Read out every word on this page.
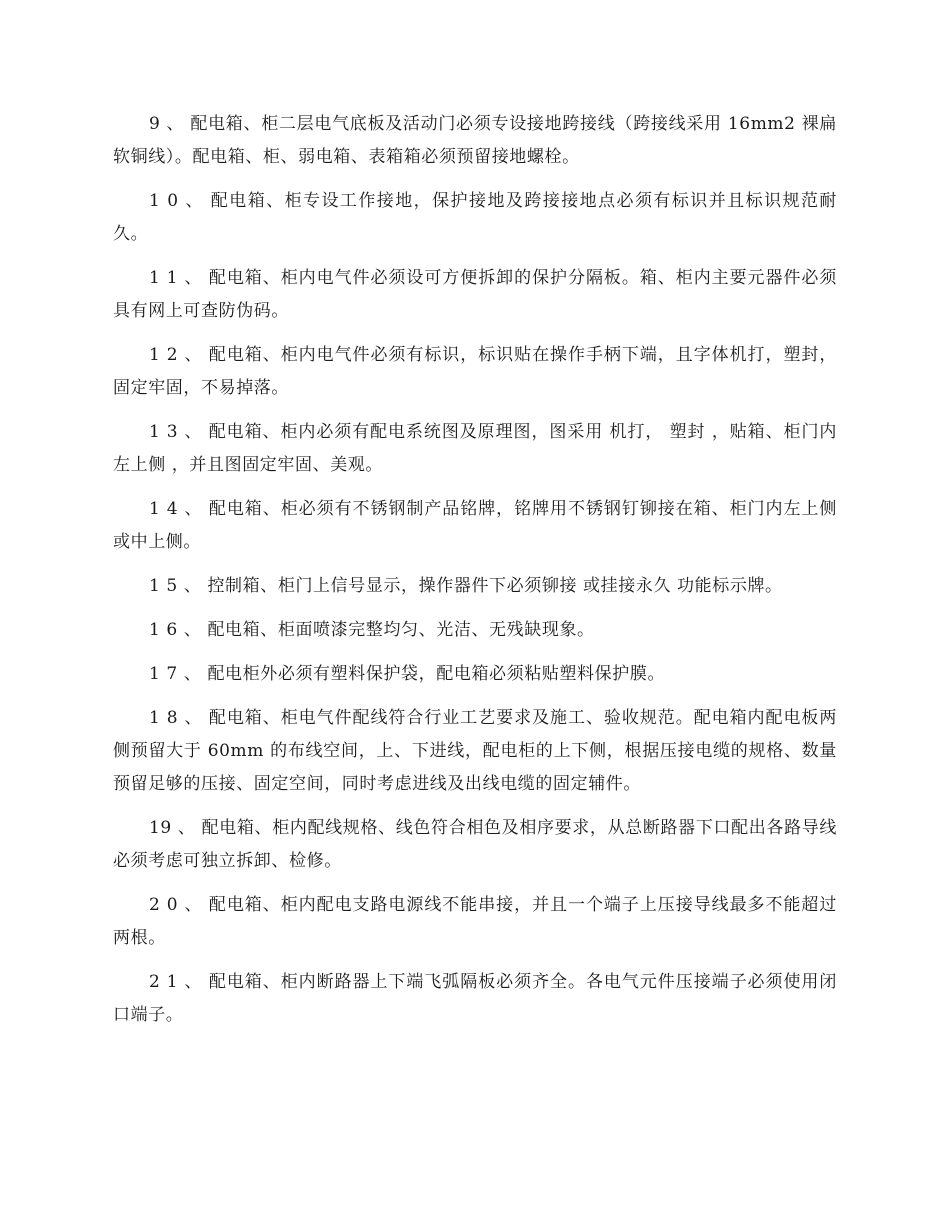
9 、 配电箱、柜二层电气底板及活动门必须专设接地跨接线（跨接线采用 16mm2 裸扁软铜线）。配电箱、柜、弱电箱、表箱箱必须预留接地螺栓。

1 0 、 配电箱、柜专设工作接地，保护接地及跨接接地点必须有标识并且标识规范耐久。

1 1 、 配电箱、柜内电气件必须设可方便拆卸的保护分隔板。箱、柜内主要元器件必须具有网上可查防伪码。

1 2 、 配电箱、柜内电气件必须有标识，标识贴在操作手柄下端，且字体机打，塑封，固定牢固，不易掉落。

1 3 、 配电箱、柜内必须有配电系统图及原理图，图采用 机打， 塑封 ，贴箱、柜门内左上侧 ，并且图固定牢固、美观。

1 4 、 配电箱、柜必须有不锈钢制产品铭牌，铭牌用不锈钢钉铆接在箱、柜门内左上侧或中上侧。

1 5 、 控制箱、柜门上信号显示，操作器件下必须铆接 或挂接永久 功能标示牌。

1 6 、 配电箱、柜面喷漆完整均匀、光洁、无残缺现象。

1 7 、 配电柜外必须有塑料保护袋，配电箱必须粘贴塑料保护膜。

1 8 、 配电箱、柜电气件配线符合行业工艺要求及施工、验收规范。配电箱内配电板两侧预留大于 60mm 的布线空间，上、下进线，配电柜的上下侧，根据压接电缆的规格、数量预留足够的压接、固定空间，同时考虑进线及出线电缆的固定辅件。

19 、 配电箱、柜内配线规格、线色符合相色及相序要求，从总断路器下口配出各路导线必须考虑可独立拆卸、检修。

2 0 、 配电箱、柜内配电支路电源线不能串接，并且一个端子上压接导线最多不能超过两根。

2 1 、 配电箱、柜内断路器上下端飞弧隔板必须齐全。各电气元件压接端子必须使用闭口端子。
